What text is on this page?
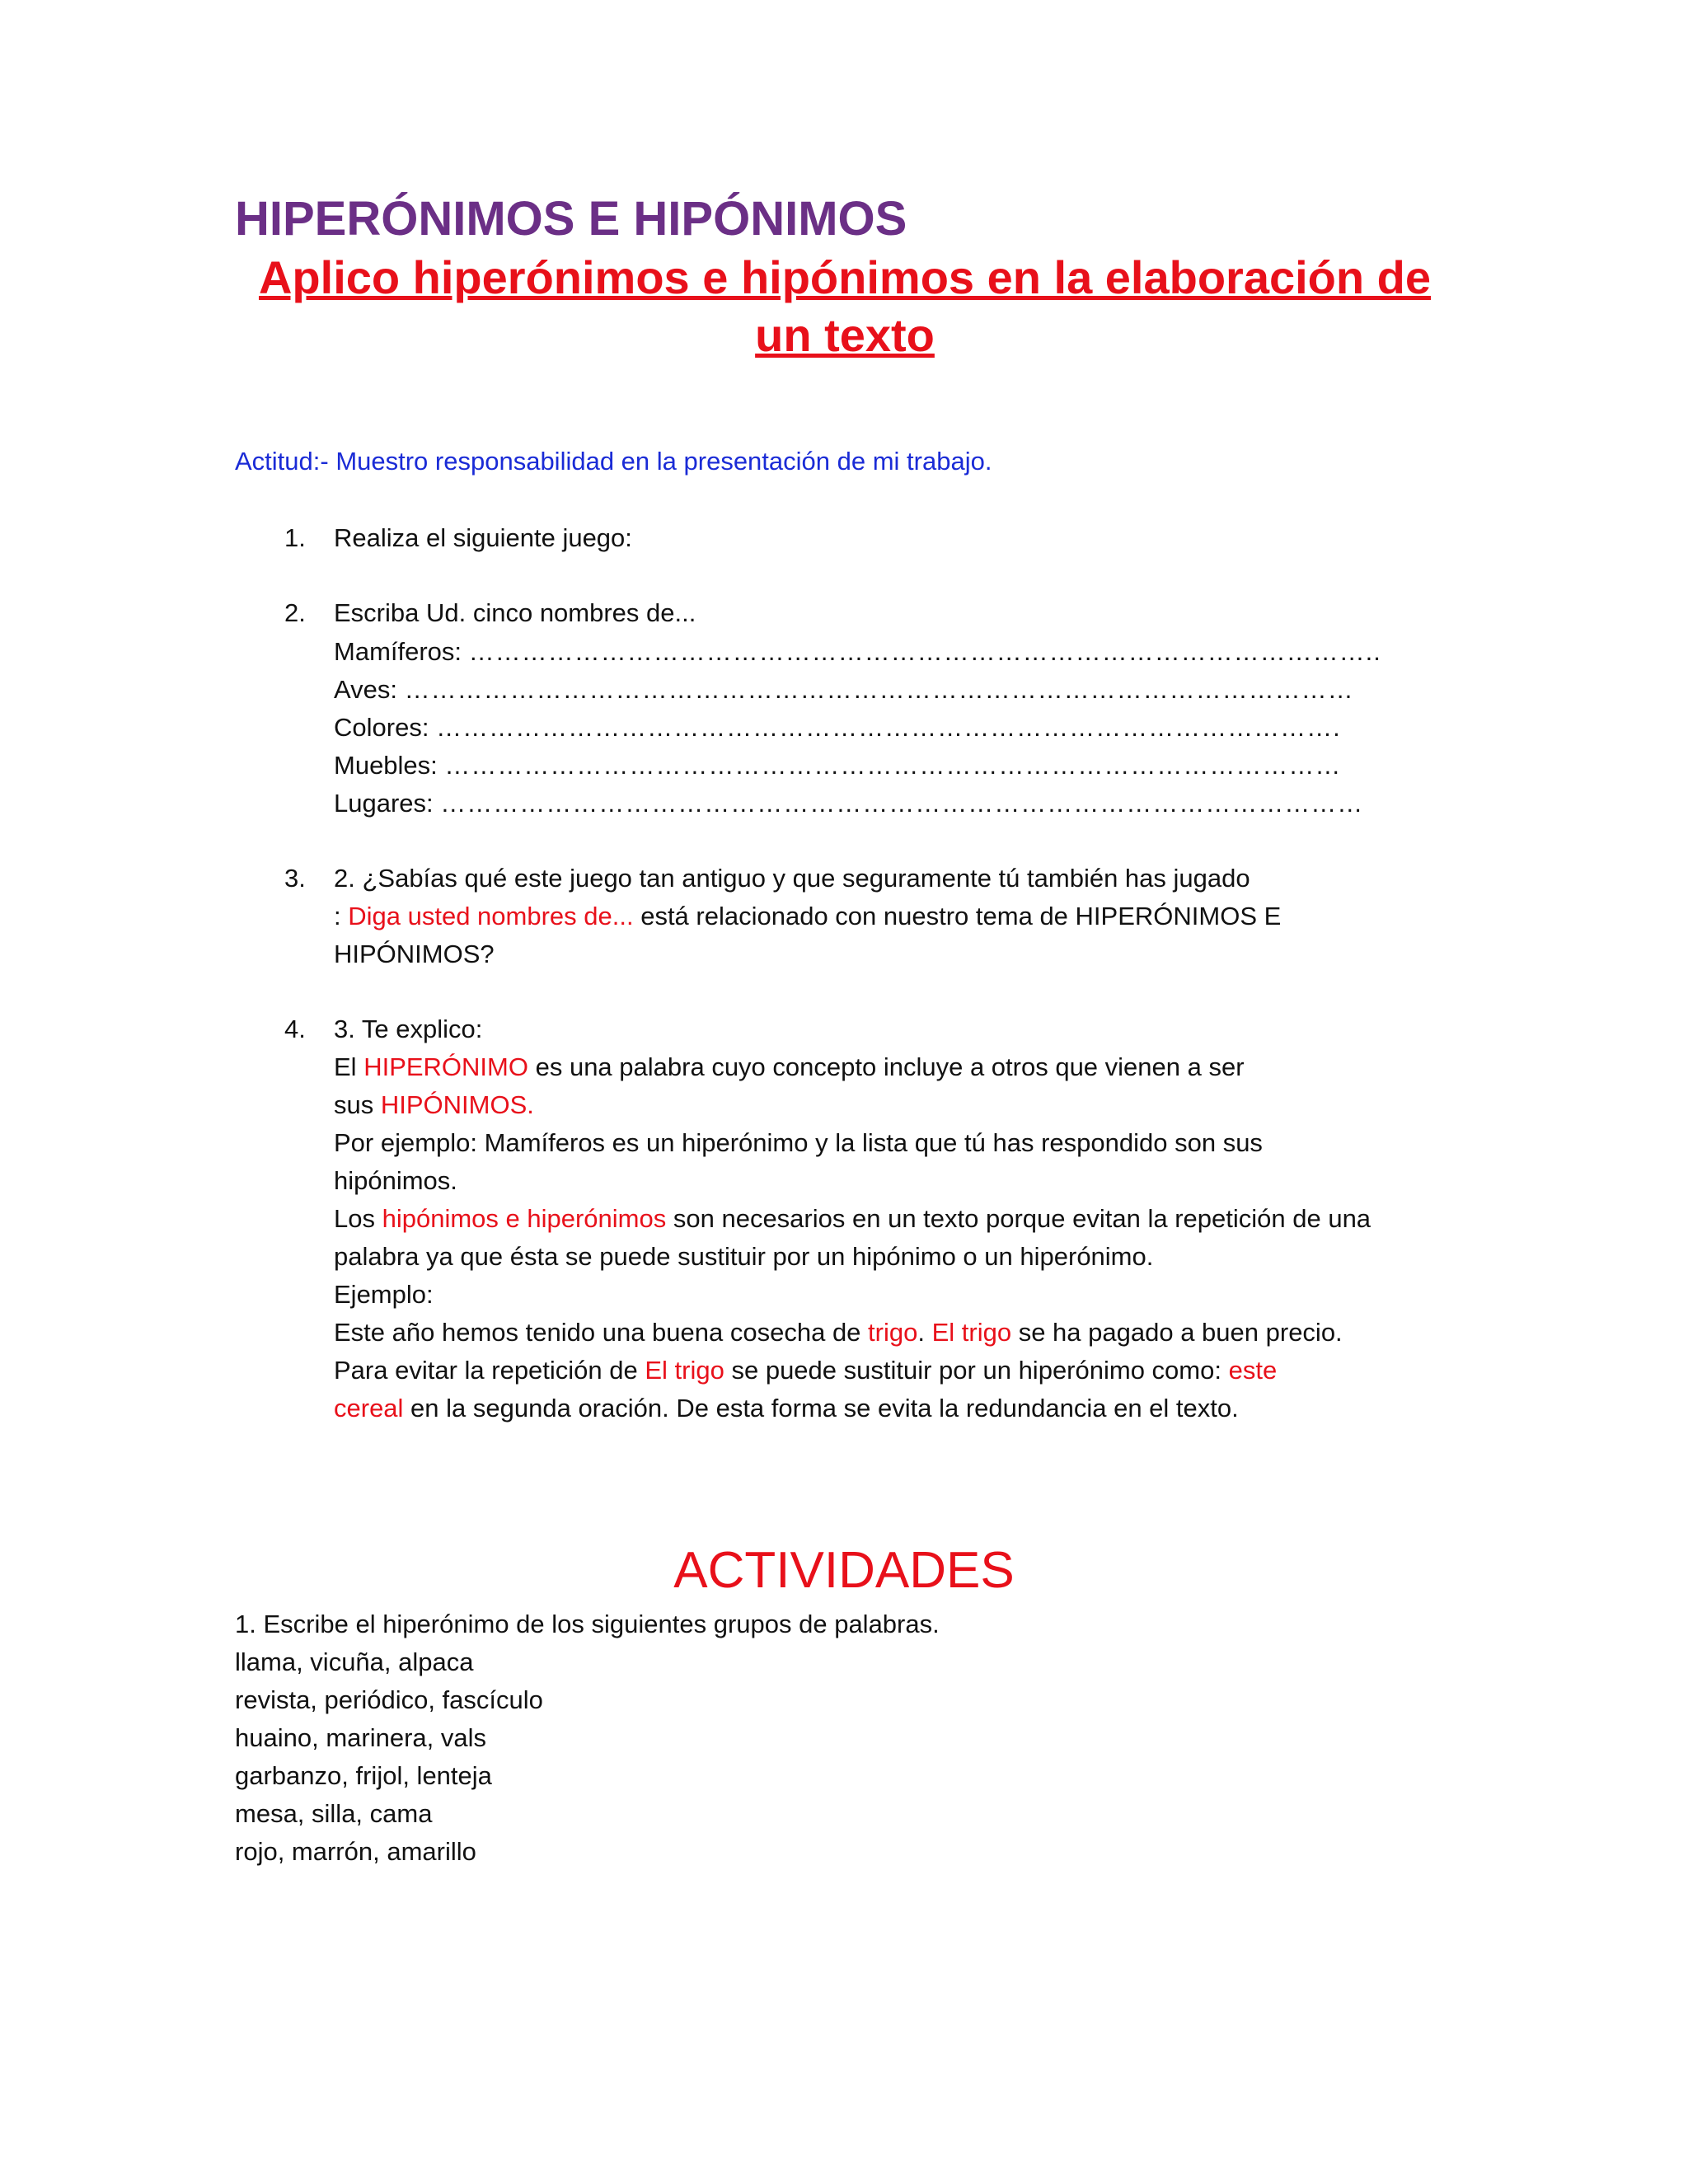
HIPERÓNIMOS E HIPÓNIMOS
Aplico hiperónimos e hipónimos en la elaboración de un texto
Actitud:- Muestro responsabilidad en la presentación de mi trabajo.
1. Realiza el siguiente juego:
2. Escriba Ud. cinco nombres de...
Mamíferos: …………………………………………………………………………………………..
Aves: ………………………………………………………………………………………………
Colores: ………………………………………………………………………………………….
Muebles: …………………………………………………………………………………………
Lugares: ……………………………………………………………………………………………
3.	2. ¿Sabías qué este juego tan antiguo y que seguramente tú también has jugado
: Diga usted nombres de... está relacionado con nuestro tema de HIPERÓNIMOS E
HIPÓNIMOS?
4.	3. Te explico:
El HIPERÓNIMO es una palabra cuyo concepto incluye a otros que vienen a ser
sus HIPÓNIMOS.
Por ejemplo: Mamíferos es un hiperónimo y la lista que tú has respondido son sus
hipónimos.
Los hipónimos e hiperónimos son necesarios en un texto porque evitan la repetición de una
palabra ya que ésta se puede sustituir por un hipónimo o un hiperónimo.
Ejemplo:
Este año hemos tenido una buena cosecha de trigo. El trigo se ha pagado a buen precio.
Para evitar la repetición de El trigo se puede sustituir por un hiperónimo como: este
cereal en la segunda oración. De esta forma se evita la redundancia en el texto.
ACTIVIDADES
1. Escribe el hiperónimo de los siguientes grupos de palabras.
llama, vicuña, alpaca
revista, periódico, fascículo
huaino, marinera, vals
garbanzo, frijol, lenteja
mesa, silla, cama
rojo, marrón, amarillo
